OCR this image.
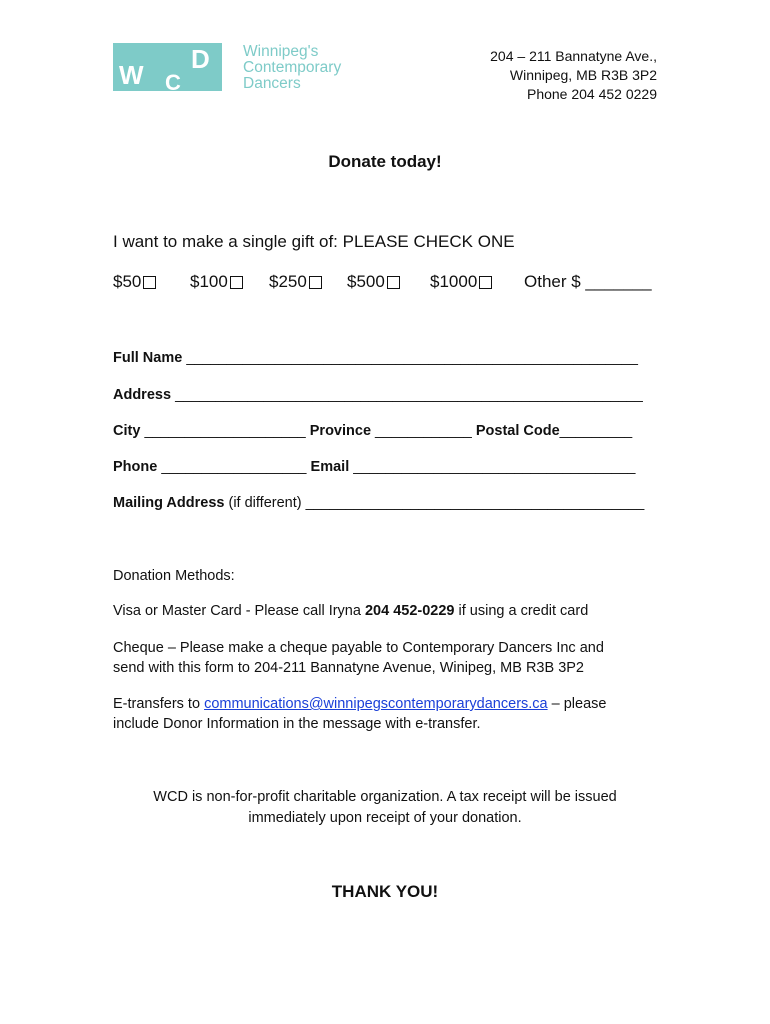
W C
D Winnipeg's
Contemporary
Dancers
204 – 211 Bannatyne Ave.,
Winnipeg, MB R3B 3P2
Phone 204 452 0229
Donate today!
I want to make a single gift of: PLEASE CHECK ONE
$50	$100 $250 $500	$1000	Other $ _______
Full Name ________________________________________________________
Address __________________________________________________________
City ____________________ Province ____________ Postal Code_________
Phone __________________ Email ___________________________________
Mailing Address (if different) __________________________________________
Donation Methods:
Visa or Master Card - Please call Iryna 204 452-0229 if using a credit card
Cheque – Please make a cheque payable to Contemporary Dancers Inc and
send with this form to 204-211 Bannatyne Avenue, Winipeg, MB R3B 3P2
E-transfers to communications@winnipegscontemporarydancers.ca – please
include Donor Information in the message with e-transfer.
WCD is non-for-profit charitable organization. A tax receipt will be issued
immediately upon receipt of your donation.
THANK YOU!
